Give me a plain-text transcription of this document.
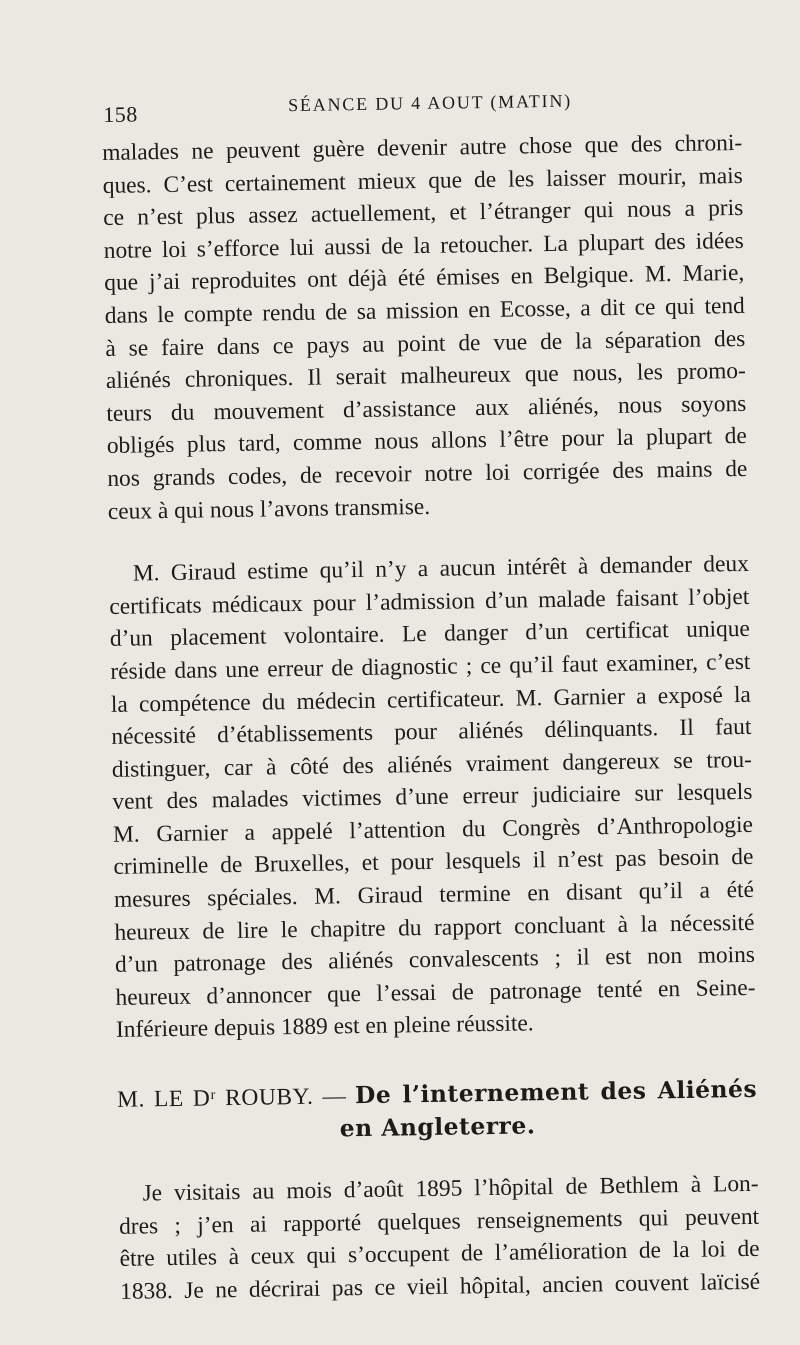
158	SÉANCE DU 4 AOUT (MATIN)
malades ne peuvent guère devenir autre chose que des chroni-
ques. C’est certainement mieux que de les laisser mourir, mais
ce n’est plus assez actuellement, et l’étranger qui nous a pris
notre loi s’efforce lui aussi de la retoucher. La plupart des idées
que j’ai reproduites ont déjà été émises en Belgique. M. Marie,
dans le compte rendu de sa mission en Ecosse, a dit ce qui tend
à se faire dans ce pays au point de vue de la séparation des
aliénés chroniques. Il serait malheureux que nous, les promo-
teurs du mouvement d’assistance aux aliénés, nous soyons
obligés plus tard, comme nous allons l’être pour la plupart de
nos grands codes, de recevoir notre loi corrigée des mains de
ceux à qui nous l’avons transmise.
M. Giraud estime qu’il n’y a aucun intérêt à demander deux
certificats médicaux pour l’admission d’un malade faisant l’objet
d’un placement volontaire. Le danger d’un certificat unique
réside dans une erreur de diagnostic ; ce qu’il faut examiner, c’est
la compétence du médecin certificateur. M. Garnier a exposé la
nécessité d’établissements pour aliénés délinquants. Il faut
distinguer, car à côté des aliénés vraiment dangereux se trou-
vent des malades victimes d’une erreur judiciaire sur lesquels
M. Garnier a appelé l’attention du Congrès d’Anthropologie
criminelle de Bruxelles, et pour lesquels il n’est pas besoin de
mesures spéciales. M. Giraud termine en disant qu’il a été
heureux de lire le chapitre du rapport concluant à la nécessité
d’un patronage des aliénés convalescents ; il est non moins
heureux d’annoncer que l’essai de patronage tenté en Seine-
Inférieure depuis 1889 est en pleine réussite.
M. LE Dʳ ROUBY. — De l’internement des Aliénés
en Angleterre.
Je visitais au mois d’août 1895 l’hôpital de Bethlem à Lon-
dres ; j’en ai rapporté quelques renseignements qui peuvent
être utiles à ceux qui s’occupent de l’amélioration de la loi de
1838. Je ne décrirai pas ce vieil hôpital, ancien couvent laïcisé
